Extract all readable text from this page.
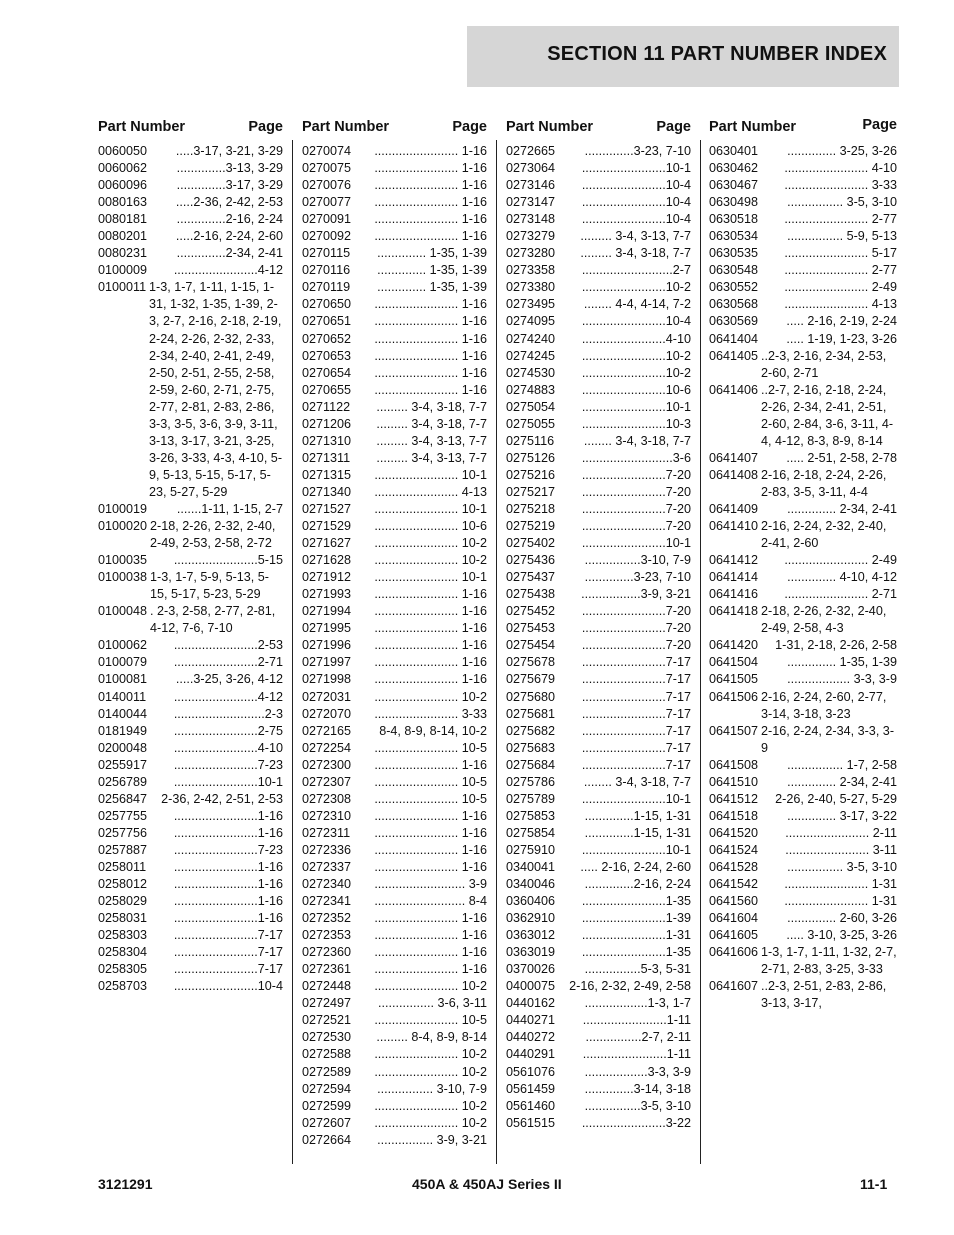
SECTION 11 PART NUMBER INDEX
Part Number	Page
0060050	.....3-17, 3-21, 3-29
0060062	..............3-13, 3-29
0060096	..............3-17, 3-29
0080163	.....2-36, 2-42, 2-53
0080181	..............2-16, 2-24
0080201	.....2-16, 2-24, 2-60
0080231	..............2-34, 2-41
0100009	........................4-12
0100011 1-3, 1-7, 1-11, 1-15, 1-31, 1-32, 1-35, 1-39, 2-3, 2-7, 2-16, 2-18, 2-19, 2-24, 2-26, 2-32, 2-33, 2-34, 2-40, 2-41, 2-49, 2-50, 2-51, 2-55, 2-58, 2-59, 2-60, 2-71, 2-75, 2-77, 2-81, 2-83, 2-86, 3-3, 3-5, 3-6, 3-9, 3-11, 3-13, 3-17, 3-21, 3-25, 3-26, 3-33, 4-3, 4-10, 5-9, 5-13, 5-15, 5-17, 5-23, 5-27, 5-29
0100019	.......1-11, 1-15, 2-7
0100020 2-18, 2-26, 2-32, 2-40, 2-49, 2-53, 2-58, 2-72
0100035	........................5-15
0100038 1-3, 1-7, 5-9, 5-13, 5-15, 5-17, 5-23, 5-29
0100048 . 2-3, 2-58, 2-77, 2-81, 4-12, 7-6, 7-10
0100062	........................2-53
0100079	........................2-71
0100081	.....3-25, 3-26, 4-12
0140011	........................4-12
0140044	..........................2-3
0181949	........................2-75
0200048	........................4-10
0255917	........................7-23
0256789	........................10-1
0256847	2-36, 2-42, 2-51, 2-53
0257755	........................1-16
0257756	........................1-16
0257887	........................7-23
0258011	........................1-16
0258012	........................1-16
0258029	........................1-16
0258031	........................1-16
0258303	........................7-17
0258304	........................7-17
0258305	........................7-17
0258703	........................10-4
Part Number	Page
0270074	........................ 1-16
0270075	........................ 1-16
0270076	........................ 1-16
0270077	........................ 1-16
0270091	........................ 1-16
0270092	........................ 1-16
0270115	.............. 1-35, 1-39
0270116	.............. 1-35, 1-39
0270119	.............. 1-35, 1-39
0270650	........................ 1-16
0270651	........................ 1-16
0270652	........................ 1-16
0270653	........................ 1-16
0270654	........................ 1-16
0270655	........................ 1-16
0271122	......... 3-4, 3-18, 7-7
0271206	......... 3-4, 3-18, 7-7
0271310	......... 3-4, 3-13, 7-7
0271311	......... 3-4, 3-13, 7-7
0271315	........................ 10-1
0271340	........................ 4-13
0271527	........................ 10-1
0271529	........................ 10-6
0271627	........................ 10-2
0271628	........................ 10-2
0271912	........................ 10-1
0271993	........................ 1-16
0271994	........................ 1-16
0271995	........................ 1-16
0271996	........................ 1-16
0271997	........................ 1-16
0271998	........................ 1-16
0272031	........................ 10-2
0272070	........................ 3-33
0272165	8-4, 8-9, 8-14, 10-2
0272254	........................ 10-5
0272300	........................ 1-16
0272307	........................ 10-5
0272308	........................ 10-5
0272310	........................ 1-16
0272311	........................ 1-16
0272336	........................ 1-16
0272337	........................ 1-16
0272340	.......................... 3-9
0272341	.......................... 8-4
0272352	........................ 1-16
0272353	........................ 1-16
0272360	........................ 1-16
0272361	........................ 1-16
0272448	........................ 10-2
0272497	................ 3-6, 3-11
0272521	........................ 10-5
0272530	......... 8-4, 8-9, 8-14
0272588	........................ 10-2
0272589	........................ 10-2
0272594	................ 3-10, 7-9
0272599	........................ 10-2
0272607	........................ 10-2
0272664	................ 3-9, 3-21
Part Number	Page
0272665	..............3-23, 7-10
0273064	........................10-1
0273146	........................10-4
0273147	........................10-4
0273148	........................10-4
0273279	......... 3-4, 3-13, 7-7
0273280	......... 3-4, 3-18, 7-7
0273358	..........................2-7
0273380	........................10-2
0273495	........ 4-4, 4-14, 7-2
0274095	........................10-4
0274240	........................4-10
0274245	........................10-2
0274530	........................10-2
0274883	........................10-6
0275054	........................10-1
0275055	........................10-3
0275116	........ 3-4, 3-18, 7-7
0275126	..........................3-6
0275216	........................7-20
0275217	........................7-20
0275218	........................7-20
0275219	........................7-20
0275402	........................10-1
0275436	................3-10, 7-9
0275437	..............3-23, 7-10
0275438	.................3-9, 3-21
0275452	........................7-20
0275453	........................7-20
0275454	........................7-20
0275678	........................7-17
0275679	........................7-17
0275680	........................7-17
0275681	........................7-17
0275682	........................7-17
0275683	........................7-17
0275684	........................7-17
0275786	........ 3-4, 3-18, 7-7
0275789	........................10-1
0275853	..............1-15, 1-31
0275854	..............1-15, 1-31
0275910	........................10-1
0340041	..... 2-16, 2-24, 2-60
0340046	..............2-16, 2-24
0360406	........................1-35
0362910	........................1-39
0363012	........................1-31
0363019	........................1-35
0370026	................5-3, 5-31
0400075	2-16, 2-32, 2-49, 2-58
0440162	..................1-3, 1-7
0440271	........................1-11
0440272	................2-7, 2-11
0440291	........................1-11
0561076	..................3-3, 3-9
0561459	..............3-14, 3-18
0561460	................3-5, 3-10
0561515	........................3-22
Part Number	Page
0630401	.............. 3-25, 3-26
0630462	........................ 4-10
0630467	........................ 3-33
0630498	................ 3-5, 3-10
0630518	........................ 2-77
0630534	................ 5-9, 5-13
0630535	........................ 5-17
0630548	........................ 2-77
0630552	........................ 2-49
0630568	........................ 4-13
0630569	..... 2-16, 2-19, 2-24
0641404	..... 1-19, 1-23, 3-26
0641405 ..2-3, 2-16, 2-34, 2-53, 2-60, 2-71
0641406 ..2-7, 2-16, 2-18, 2-24, 2-26, 2-34, 2-41, 2-51, 2-60, 2-84, 3-6, 3-11, 4-4, 4-12, 8-3, 8-9, 8-14
0641407	..... 2-51, 2-58, 2-78
0641408 2-16, 2-18, 2-24, 2-26, 2-83, 3-5, 3-11, 4-4
0641409	.............. 2-34, 2-41
0641410 2-16, 2-24, 2-32, 2-40, 2-41, 2-60
0641412	........................ 2-49
0641414	.............. 4-10, 4-12
0641416	........................ 2-71
0641418 2-18, 2-26, 2-32, 2-40, 2-49, 2-58, 4-3
0641420	1-31, 2-18, 2-26, 2-58
0641504	.............. 1-35, 1-39
0641505	.................. 3-3, 3-9
0641506 2-16, 2-24, 2-60, 2-77, 3-14, 3-18, 3-23
0641507 2-16, 2-24, 2-34, 3-3, 3-9
0641508	................ 1-7, 2-58
0641510	.............. 2-34, 2-41
0641512	2-26, 2-40, 5-27, 5-29
0641518	.............. 3-17, 3-22
0641520	........................ 2-11
0641524	........................ 3-11
0641528	................ 3-5, 3-10
0641542	........................ 1-31
0641560	........................ 1-31
0641604	.............. 2-60, 3-26
0641605	..... 3-10, 3-25, 3-26
0641606 1-3, 1-7, 1-11, 1-32, 2-7, 2-71, 2-83, 3-25, 3-33
0641607 ..2-3, 2-51, 2-83, 2-86, 3-13, 3-17,
3121291	450A & 450AJ Series II	11-1
